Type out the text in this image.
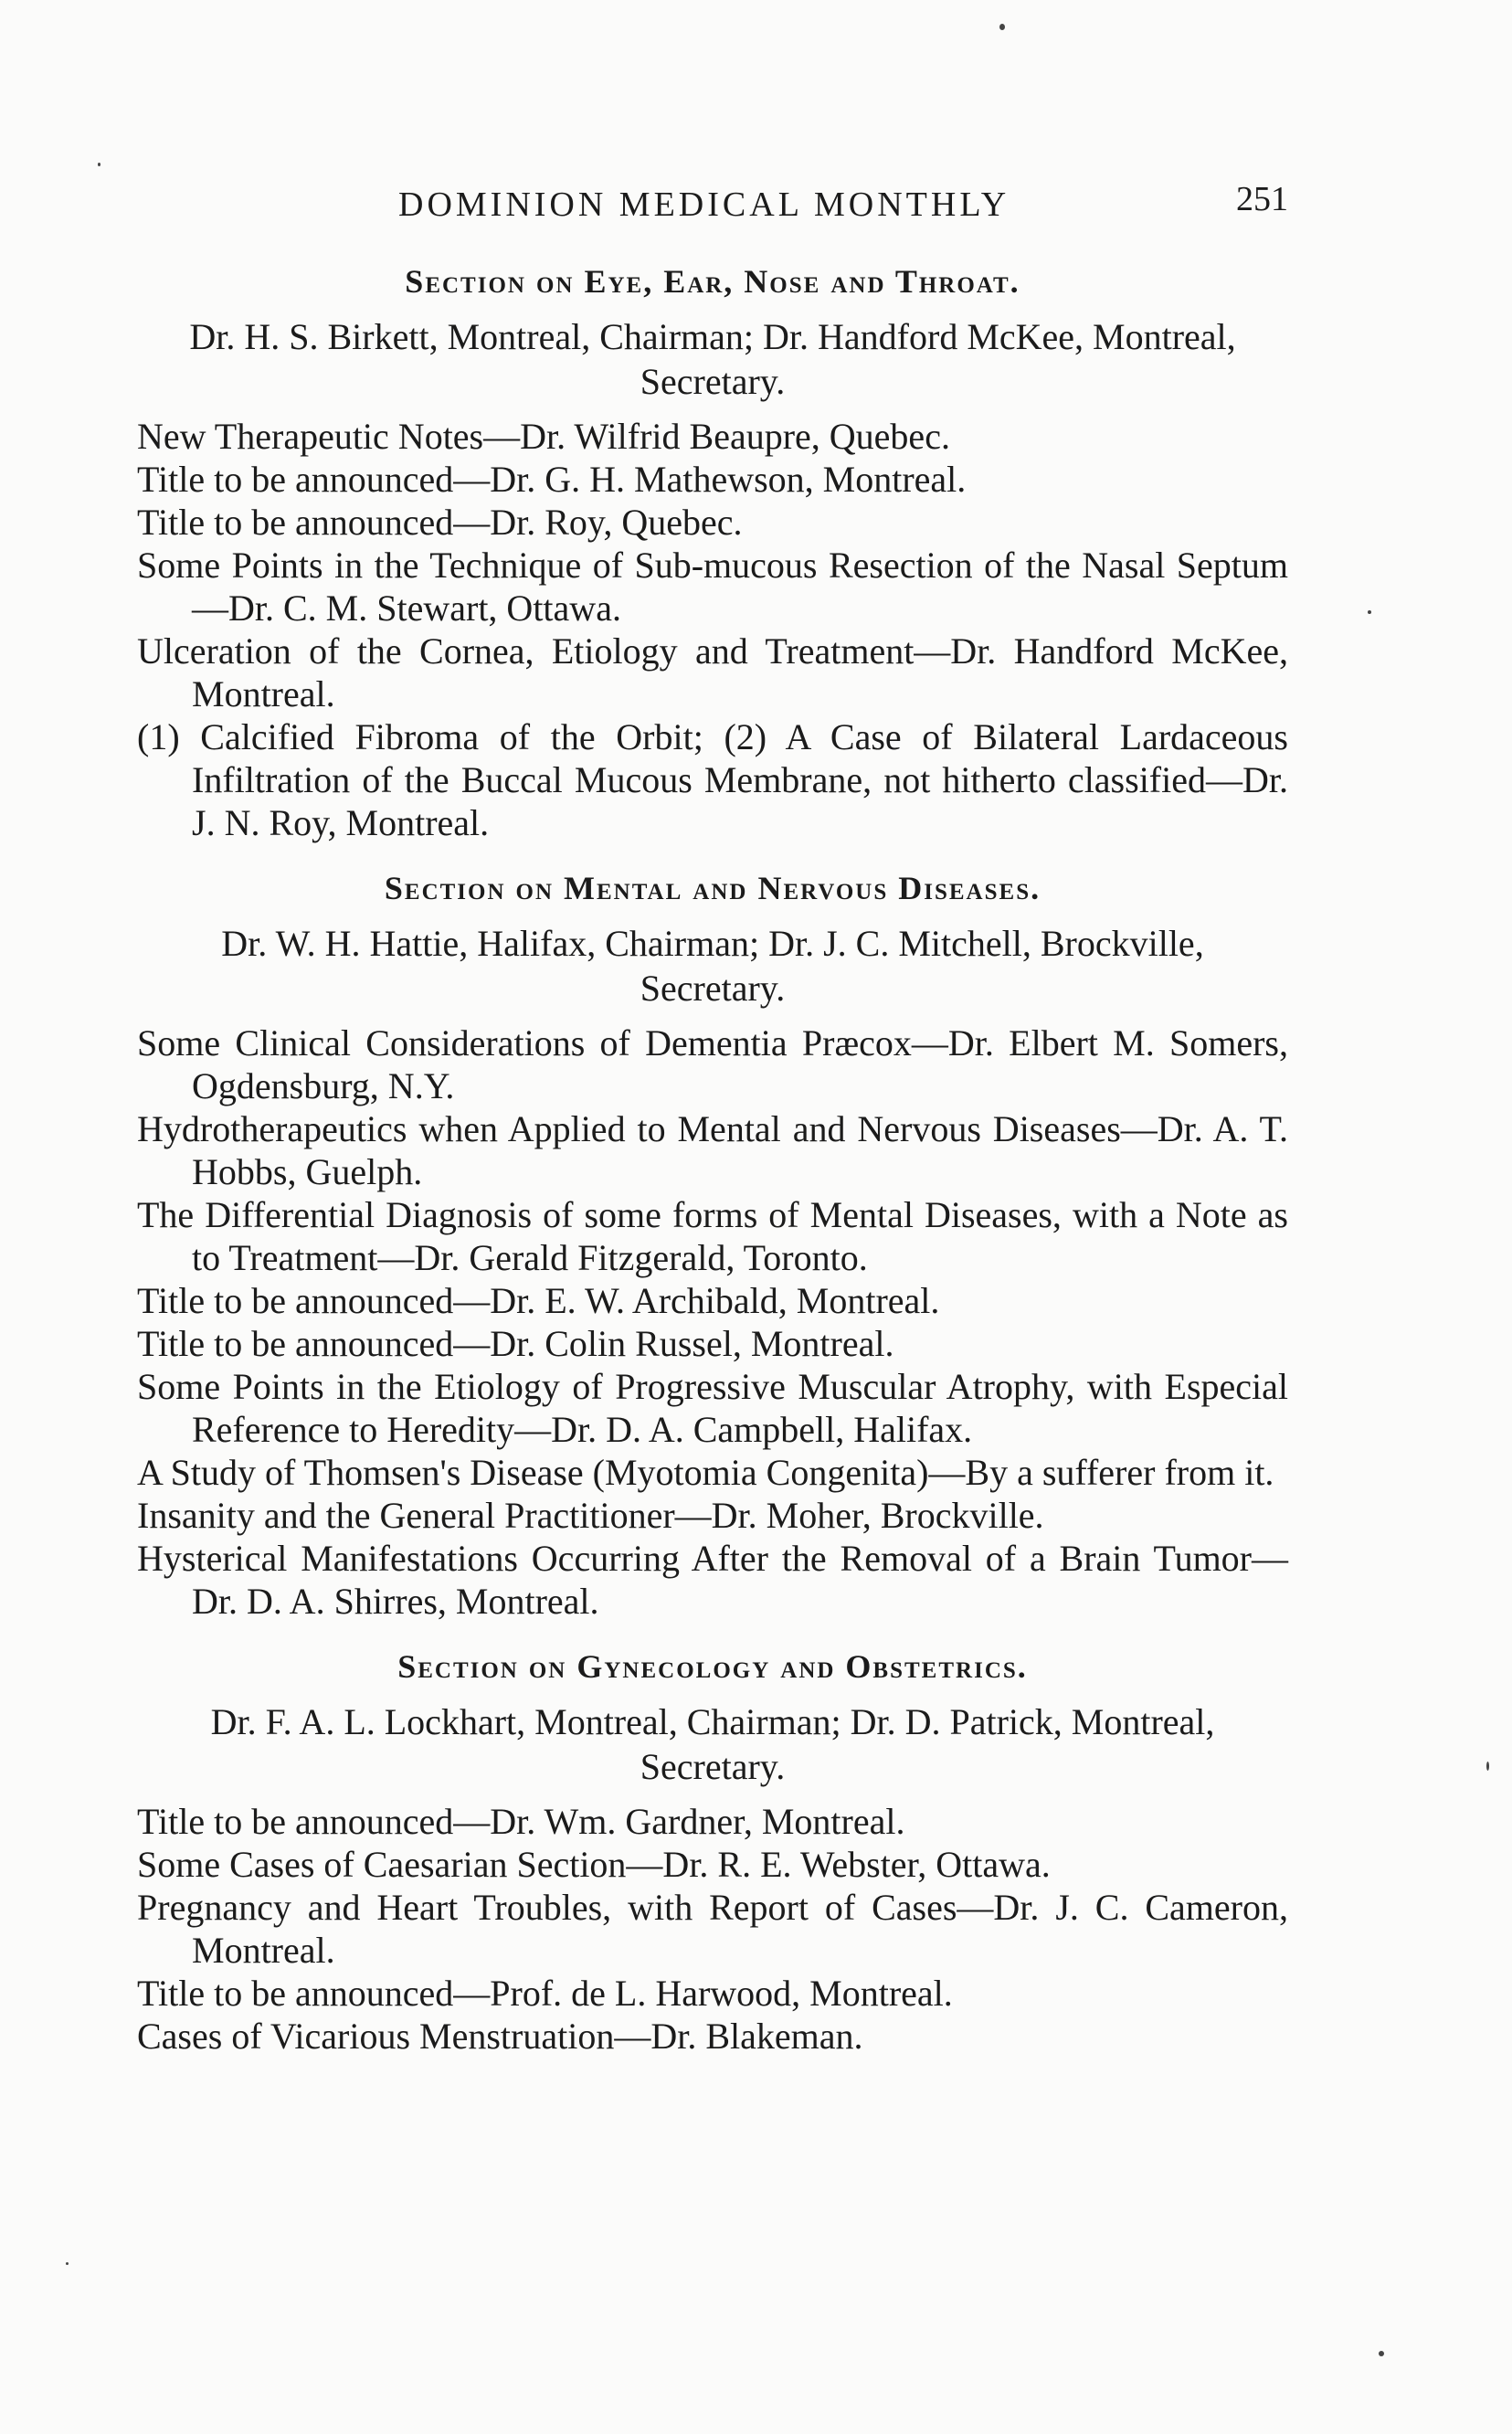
DOMINION MEDICAL MONTHLY	251
Section on Eye, Ear, Nose and Throat.

Dr. H. S. Birkett, Montreal, Chairman; Dr. Handford McKee, Montreal, Secretary.

New Therapeutic Notes—Dr. Wilfrid Beaupre, Quebec.

Title to be announced—Dr. G. H. Mathewson, Montreal.

Title to be announced—Dr. Roy, Quebec.

Some Points in the Technique of Sub-mucous Resection of the Nasal Septum—Dr. C. M. Stewart, Ottawa.

Ulceration of the Cornea, Etiology and Treatment—Dr. Handford McKee, Montreal.

(1) Calcified Fibroma of the Orbit; (2) A Case of Bilateral Lardaceous Infiltration of the Buccal Mucous Membrane, not hitherto classified—Dr. J. N. Roy, Montreal.

Section on Mental and Nervous Diseases.

Dr. W. H. Hattie, Halifax, Chairman; Dr. J. C. Mitchell, Brockville, Secretary.

Some Clinical Considerations of Dementia Præcox—Dr. Elbert M. Somers, Ogdensburg, N.Y.

Hydrotherapeutics when Applied to Mental and Nervous Diseases—Dr. A. T. Hobbs, Guelph.

The Differential Diagnosis of some forms of Mental Diseases, with a Note as to Treatment—Dr. Gerald Fitzgerald, Toronto.

Title to be announced—Dr. E. W. Archibald, Montreal.

Title to be announced—Dr. Colin Russel, Montreal.

Some Points in the Etiology of Progressive Muscular Atrophy, with Especial Reference to Heredity—Dr. D. A. Campbell, Halifax.

A Study of Thomsen's Disease (Myotomia Congenita)—By a sufferer from it.

Insanity and the General Practitioner—Dr. Moher, Brockville.

Hysterical Manifestations Occurring After the Removal of a Brain Tumor—Dr. D. A. Shirres, Montreal.

Section on Gynecology and Obstetrics.

Dr. F. A. L. Lockhart, Montreal, Chairman; Dr. D. Patrick, Montreal, Secretary.

Title to be announced—Dr. Wm. Gardner, Montreal.

Some Cases of Caesarian Section—Dr. R. E. Webster, Ottawa.

Pregnancy and Heart Troubles, with Report of Cases—Dr. J. C. Cameron, Montreal.

Title to be announced—Prof. de L. Harwood, Montreal.

Cases of Vicarious Menstruation—Dr. Blakeman.
